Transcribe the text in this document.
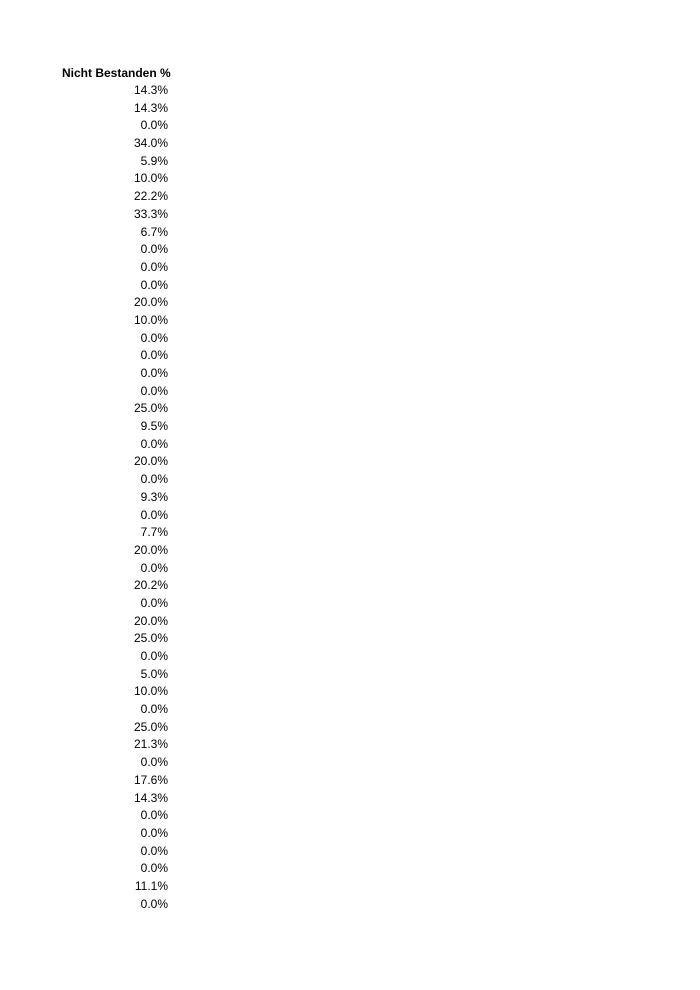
Nicht Bestanden %
14.3%
14.3%
0.0%
34.0%
5.9%
10.0%
22.2%
33.3%
6.7%
0.0%
0.0%
0.0%
20.0%
10.0%
0.0%
0.0%
0.0%
0.0%
25.0%
9.5%
0.0%
20.0%
0.0%
9.3%
0.0%
7.7%
20.0%
0.0%
20.2%
0.0%
20.0%
25.0%
0.0%
5.0%
10.0%
0.0%
25.0%
21.3%
0.0%
17.6%
14.3%
0.0%
0.0%
0.0%
0.0%
11.1%
0.0%
